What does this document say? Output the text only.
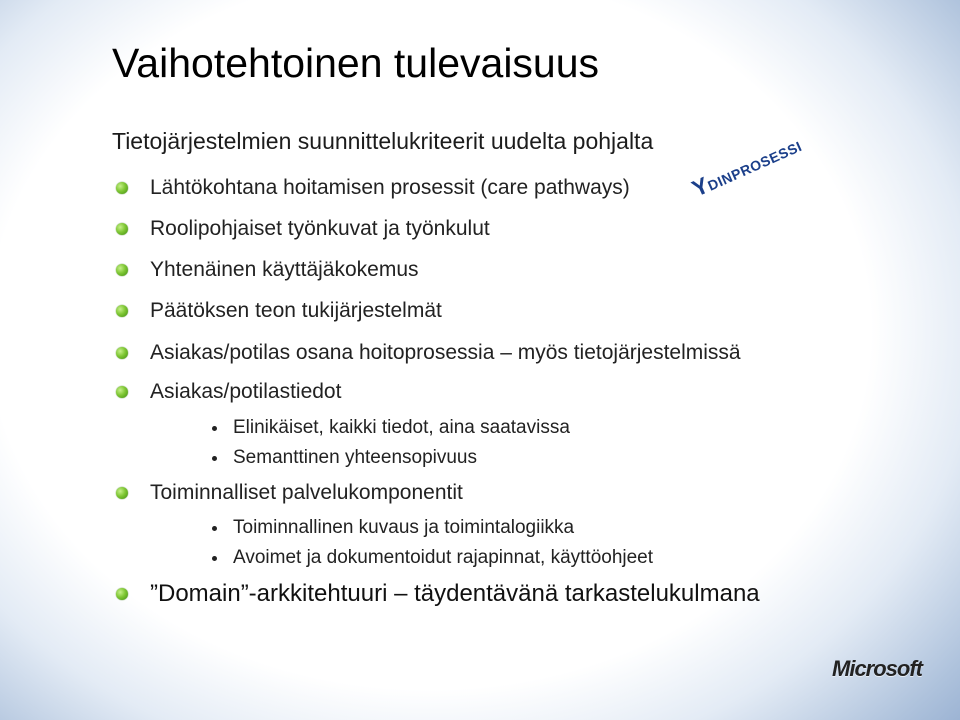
Vaihotehtoinen tulevaisuus
Tietojärjestelmien suunnittelukriteerit uudelta pohjalta
Lähtökohtana hoitamisen prosessit (care pathways)
Roolipohjaiset työnkuvat ja työnkulut
Yhtenäinen käyttäjäkokemus
Päätöksen teon tukijärjestelmät
Asiakas/potilas osana hoitoprosessia – myös tietojärjestelmissä
Asiakas/potilastiedot
Elinikäiset, kaikki tiedot, aina saatavissa
Semanttinen yhteensopivuus
Toiminnalliset palvelukomponentit
Toiminnallinen kuvaus ja toimintalogiikka
Avoimet ja dokumentoidut rajapinnat, käyttöohjeet
”Domain”-arkkitehtuuri – täydentävänä tarkastelukulmana
YDINPROSESSI
Microsoft
